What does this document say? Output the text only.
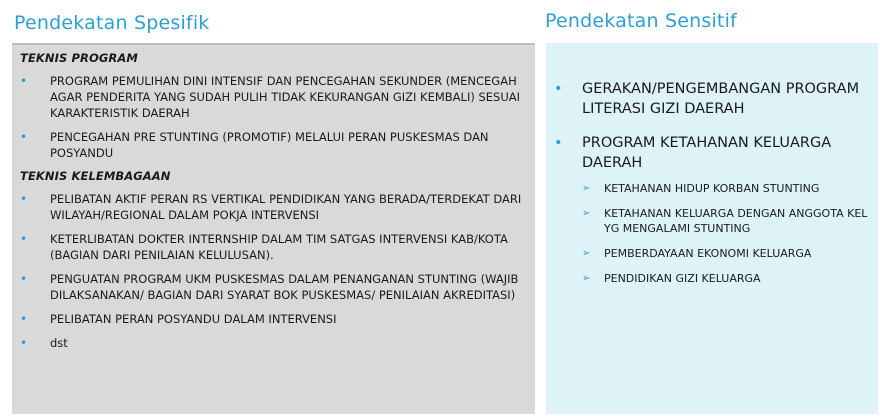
Pendekatan Spesifik	Pendekatan Sensitif
TEKNIS PROGRAM
•	PROGRAM PEMULIHAN DINI INTENSIF DAN PENCEGAHAN SEKUNDER (MENCEGAH AGAR PENDERITA YANG SUDAH PULIH TIDAK KEKURANGAN GIZI KEMBALI) SESUAI KARAKTERISTIK DAERAH
•	PENCEGAHAN PRE STUNTING (PROMOTIF) MELALUI PERAN PUSKESMAS DAN POSYANDU
TEKNIS KELEMBAGAAN
•	PELIBATAN AKTIF PERAN RS VERTIKAL PENDIDIKAN YANG BERADA/TERDEKAT DARI WILAYAH/REGIONAL DALAM POKJA INTERVENSI
•	KETERLIBATAN DOKTER INTERNSHIP DALAM TIM SATGAS INTERVENSI KAB/KOTA (BAGIAN DARI PENILAIAN KELULUSAN).
•	PENGUATAN PROGRAM UKM PUSKESMAS DALAM PENANGANAN STUNTING (WAJIB DILAKSANAKAN/ BAGIAN DARI SYARAT BOK PUSKESMAS/ PENILAIAN AKREDITASI)
•	PELIBATAN PERAN POSYANDU DALAM INTERVENSI
•	dst
•	GERAKAN/PENGEMBANGAN PROGRAM LITERASI GIZI DAERAH
•	PROGRAM KETAHANAN KELUARGA DAERAH
➢	KETAHANAN HIDUP KORBAN STUNTING
➢	KETAHANAN KELUARGA DENGAN ANGGOTA KEL YG MENGALAMI STUNTING
➢	PEMBERDAYAAN EKONOMI KELUARGA
➢	PENDIDIKAN GIZI KELUARGA
